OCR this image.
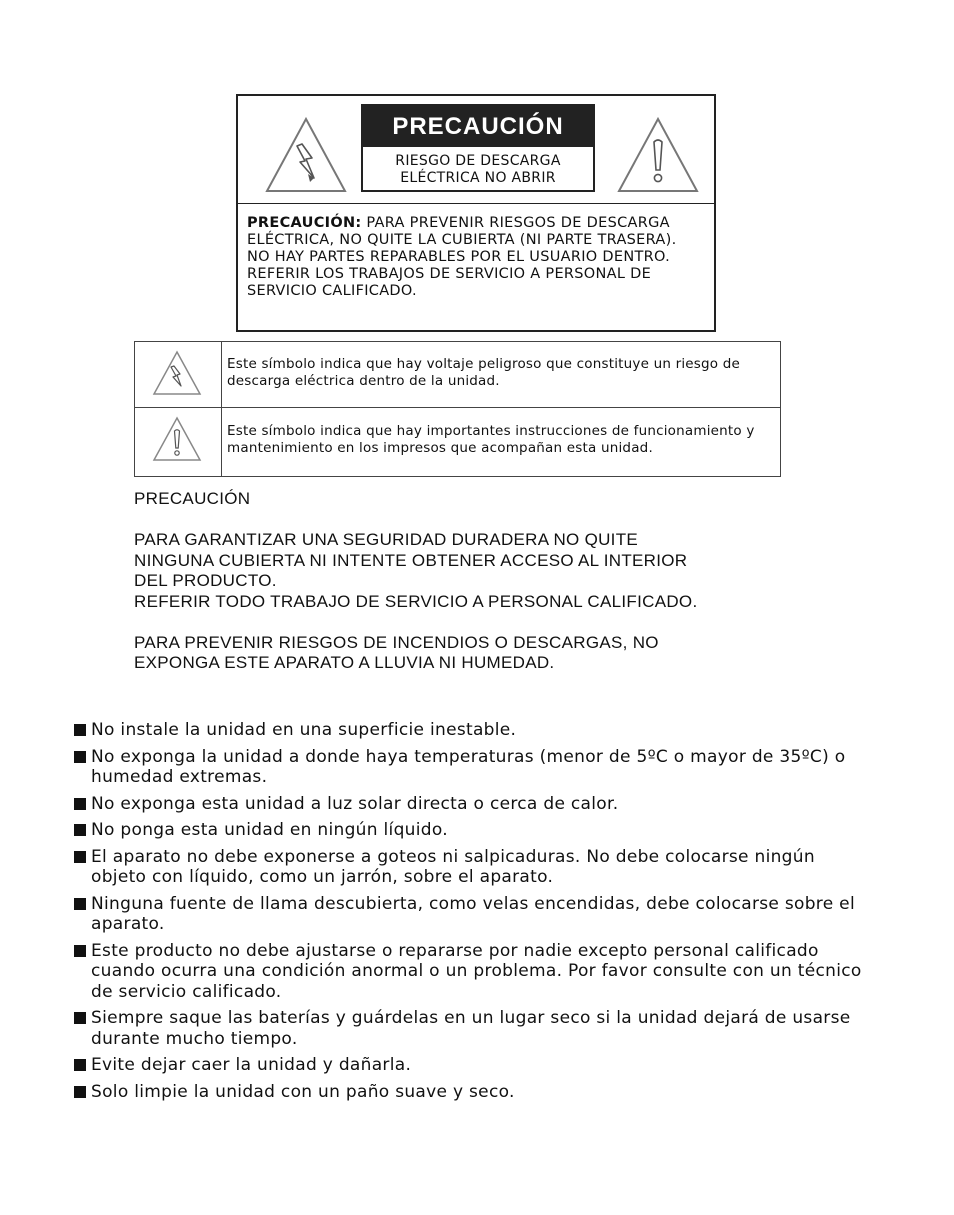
PRECAUCIÓN
RIESGO DE DESCARGA
ELÉCTRICA NO ABRIR
PRECAUCIÓN: PARA PREVENIR RIESGOS DE DESCARGA ELÉCTRICA, NO QUITE LA CUBIERTA (NI PARTE TRASERA).
NO HAY PARTES REPARABLES POR EL USUARIO DENTRO.
REFERIR LOS TRABAJOS DE SERVICIO A PERSONAL DE SERVICIO CALIFICADO.
Este símbolo indica que hay voltaje peligroso que constituye un riesgo de descarga eléctrica dentro de la unidad.
Este símbolo indica que hay importantes instrucciones de funcionamiento y mantenimiento en los impresos que acompañan esta unidad.

PRECAUCIÓN

PARA GARANTIZAR UNA SEGURIDAD DURADERA NO QUITE

NINGUNA CUBIERTA NI INTENTE OBTENER ACCESO AL INTERIOR

DEL PRODUCTO.

REFERIR TODO TRABAJO DE SERVICIO A PERSONAL CALIFICADO.

PARA PREVENIR RIESGOS DE INCENDIOS O DESCARGAS, NO

EXPONGA ESTE APARATO A LLUVIA NI HUMEDAD.

No instale la unidad en una superficie inestable.
No exponga la unidad a donde haya temperaturas (menor de 5ºC o mayor de 35ºC) o humedad extremas.
No exponga esta unidad a luz solar directa o cerca de calor.
No ponga esta unidad en ningún líquido.
El aparato no debe exponerse a goteos ni salpicaduras. No debe colocarse ningún objeto con líquido, como un jarrón, sobre el aparato.
Ninguna fuente de llama descubierta, como velas encendidas, debe colocarse sobre el aparato.
Este producto no debe ajustarse o repararse por nadie excepto personal calificado cuando ocurra una condición anormal o un problema. Por favor consulte con un técnico de servicio calificado.
Siempre saque las baterías y guárdelas en un lugar seco si la unidad dejará de usarse durante mucho tiempo.
Evite dejar caer la unidad y dañarla.
Solo limpie la unidad con un paño suave y seco.
